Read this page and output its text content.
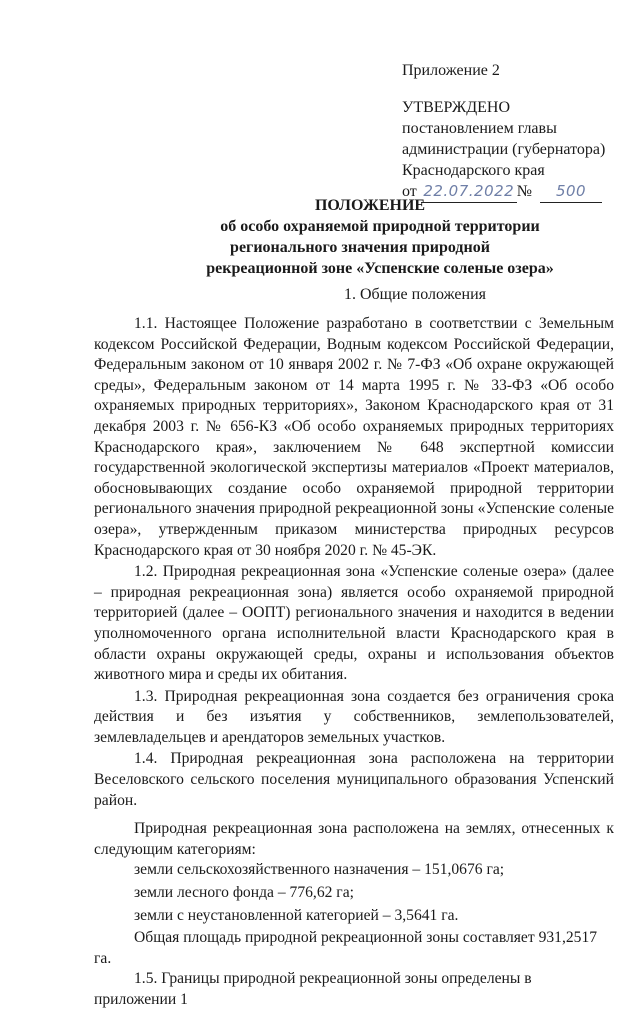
Приложение 2
УТВЕРЖДЕНО
постановлением главы
администрации (губернатора)
Краснодарского края
от 22.07.2022 № 500
ПОЛОЖЕНИЕ
об особо охраняемой природной территории
регионального значения природной
рекреационной зоне «Успенские соленые озера»
1. Общие положения

1.1. Настоящее Положение разработано в соответствии с Земельным кодексом Российской Федерации, Водным кодексом Российской Федерации, Федеральным законом от 10 января 2002 г. № 7-ФЗ «Об охране окружающей среды», Федеральным законом от 14 марта 1995 г. № 33-ФЗ «Об особо охраняемых природных территориях», Законом Краснодарского края от 31 декабря 2003 г. № 656-КЗ «Об особо охраняемых природных территориях Краснодарского края», заключением № 648 экспертной комиссии государственной экологической экспертизы материалов «Проект материалов, обосновывающих создание особо охраняемой природной территории регионального значения природной рекреационной зоны «Успенские соленые озера», утвержденным приказом министерства природных ресурсов Краснодарского края от 30 ноября 2020 г. № 45-ЭК.

1.2. Природная рекреационная зона «Успенские соленые озера» (далее – природная рекреационная зона) является особо охраняемой природной территорией (далее – ООПТ) регионального значения и находится в ведении уполномоченного органа исполнительной власти Краснодарского края в области охраны окружающей среды, охраны и использования объектов животного мира и среды их обитания.

1.3. Природная рекреационная зона создается без ограничения срока действия и без изъятия у собственников, землепользователей, землевладельцев и арендаторов земельных участков.

1.4. Природная рекреационная зона расположена на территории Веселовского сельского поселения муниципального образования Успенский район.

Природная рекреационная зона расположена на землях, отнесенных к следующим категориям:

земли сельскохозяйственного назначения – 151,0676 га;

земли лесного фонда – 776,62 га;

земли с неустановленной категорией – 3,5641 га.

Общая площадь природной рекреационной зоны составляет 931,2517 га.

1.5. Границы природной рекреационной зоны определены в приложении 1
